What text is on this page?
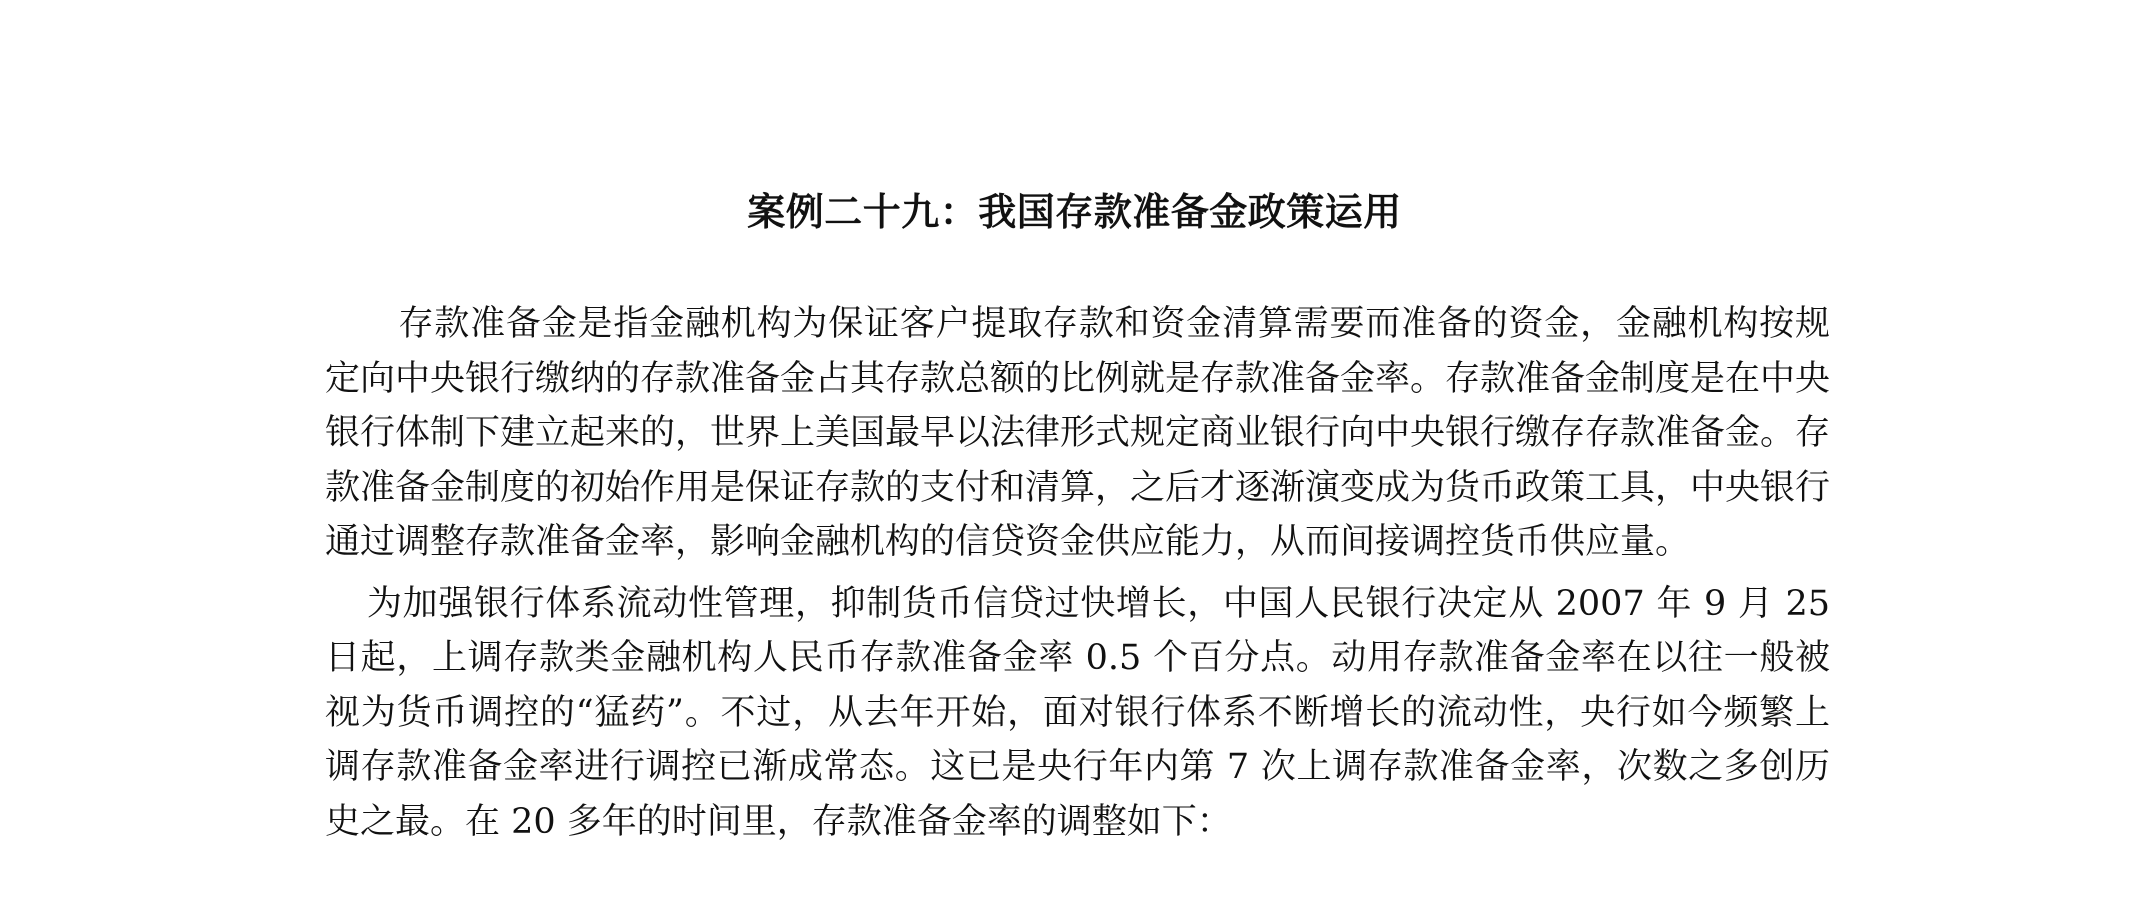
案例二十九：我国存款准备金政策运用

存款准备金是指金融机构为保证客户提取存款和资金清算需要而准备的资金，金融机构按规定向中央银行缴纳的存款准备金占其存款总额的比例就是存款准备金率。存款准备金制度是在中央银行体制下建立起来的，世界上美国最早以法律形式规定商业银行向中央银行缴存存款准备金。存款准备金制度的初始作用是保证存款的支付和清算，之后才逐渐演变成为货币政策工具，中央银行通过调整存款准备金率，影响金融机构的信贷资金供应能力，从而间接调控货币供应量。

为加强银行体系流动性管理，抑制货币信贷过快增长，中国人民银行决定从 2007 年 9 月 25 日起，上调存款类金融机构人民币存款准备金率 0.5 个百分点。动用存款准备金率在以往一般被视为货币调控的“猛药”。不过，从去年开始，面对银行体系不断增长的流动性，央行如今频繁上调存款准备金率进行调控已渐成常态。这已是央行年内第 7 次上调存款准备金率，次数之多创历史之最。在 20 多年的时间里，存款准备金率的调整如下：
